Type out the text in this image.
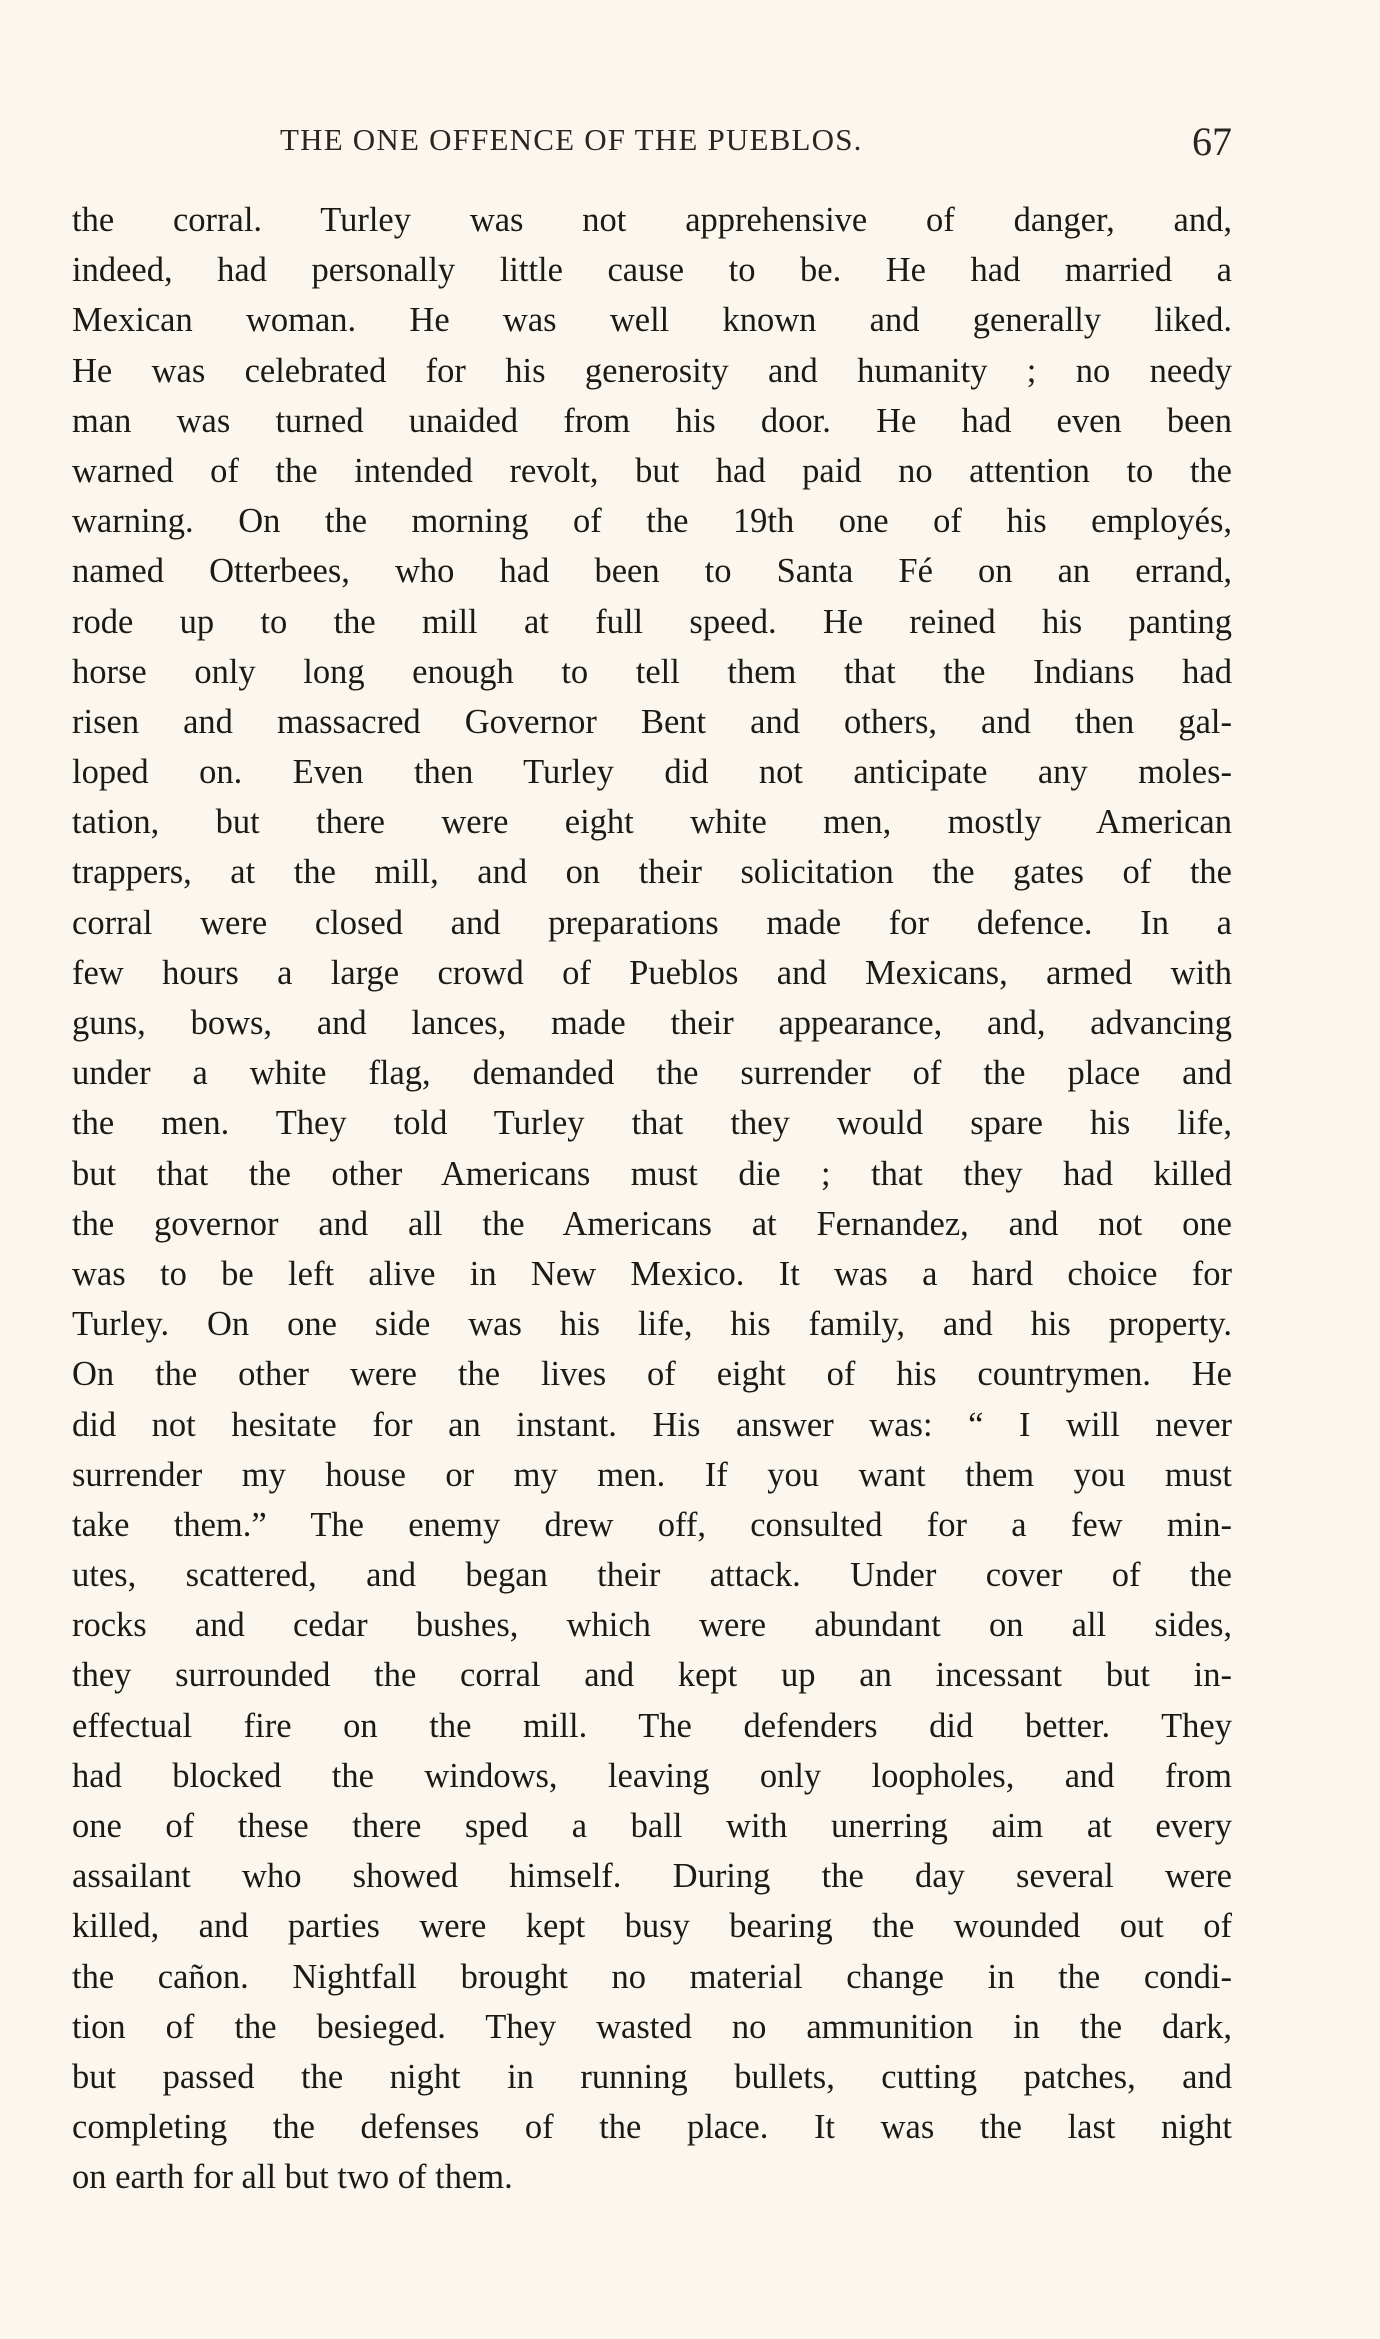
THE ONE OFFENCE OF THE PUEBLOS.	67
the corral. Turley was not apprehensive of danger, and,
indeed, had personally little cause to be. He had married a
Mexican woman. He was well known and generally liked.
He was celebrated for his generosity and humanity ; no needy
man was turned unaided from his door. He had even been
warned of the intended revolt, but had paid no attention to the
warning. On the morning of the 19th one of his employés,
named Otterbees, who had been to Santa Fé on an errand,
rode up to the mill at full speed. He reined his panting
horse only long enough to tell them that the Indians had
risen and massacred Governor Bent and others, and then gal-
loped on. Even then Turley did not anticipate any moles-
tation, but there were eight white men, mostly American
trappers, at the mill, and on their solicitation the gates of the
corral were closed and preparations made for defence. In a
few hours a large crowd of Pueblos and Mexicans, armed with
guns, bows, and lances, made their appearance, and, advancing
under a white flag, demanded the surrender of the place and
the men. They told Turley that they would spare his life,
but that the other Americans must die ; that they had killed
the governor and all the Americans at Fernandez, and not one
was to be left alive in New Mexico. It was a hard choice for
Turley. On one side was his life, his family, and his property.
On the other were the lives of eight of his countrymen. He
did not hesitate for an instant. His answer was: “ I will never
surrender my house or my men. If you want them you must
take them.” The enemy drew off, consulted for a few min-
utes, scattered, and began their attack. Under cover of the
rocks and cedar bushes, which were abundant on all sides,
they surrounded the corral and kept up an incessant but in-
effectual fire on the mill. The defenders did better. They
had blocked the windows, leaving only loopholes, and from
one of these there sped a ball with unerring aim at every
assailant who showed himself. During the day several were
killed, and parties were kept busy bearing the wounded out of
the cañon. Nightfall brought no material change in the condi-
tion of the besieged. They wasted no ammunition in the dark,
but passed the night in running bullets, cutting patches, and
completing the defenses of the place. It was the last night
on earth for all but two of them.
